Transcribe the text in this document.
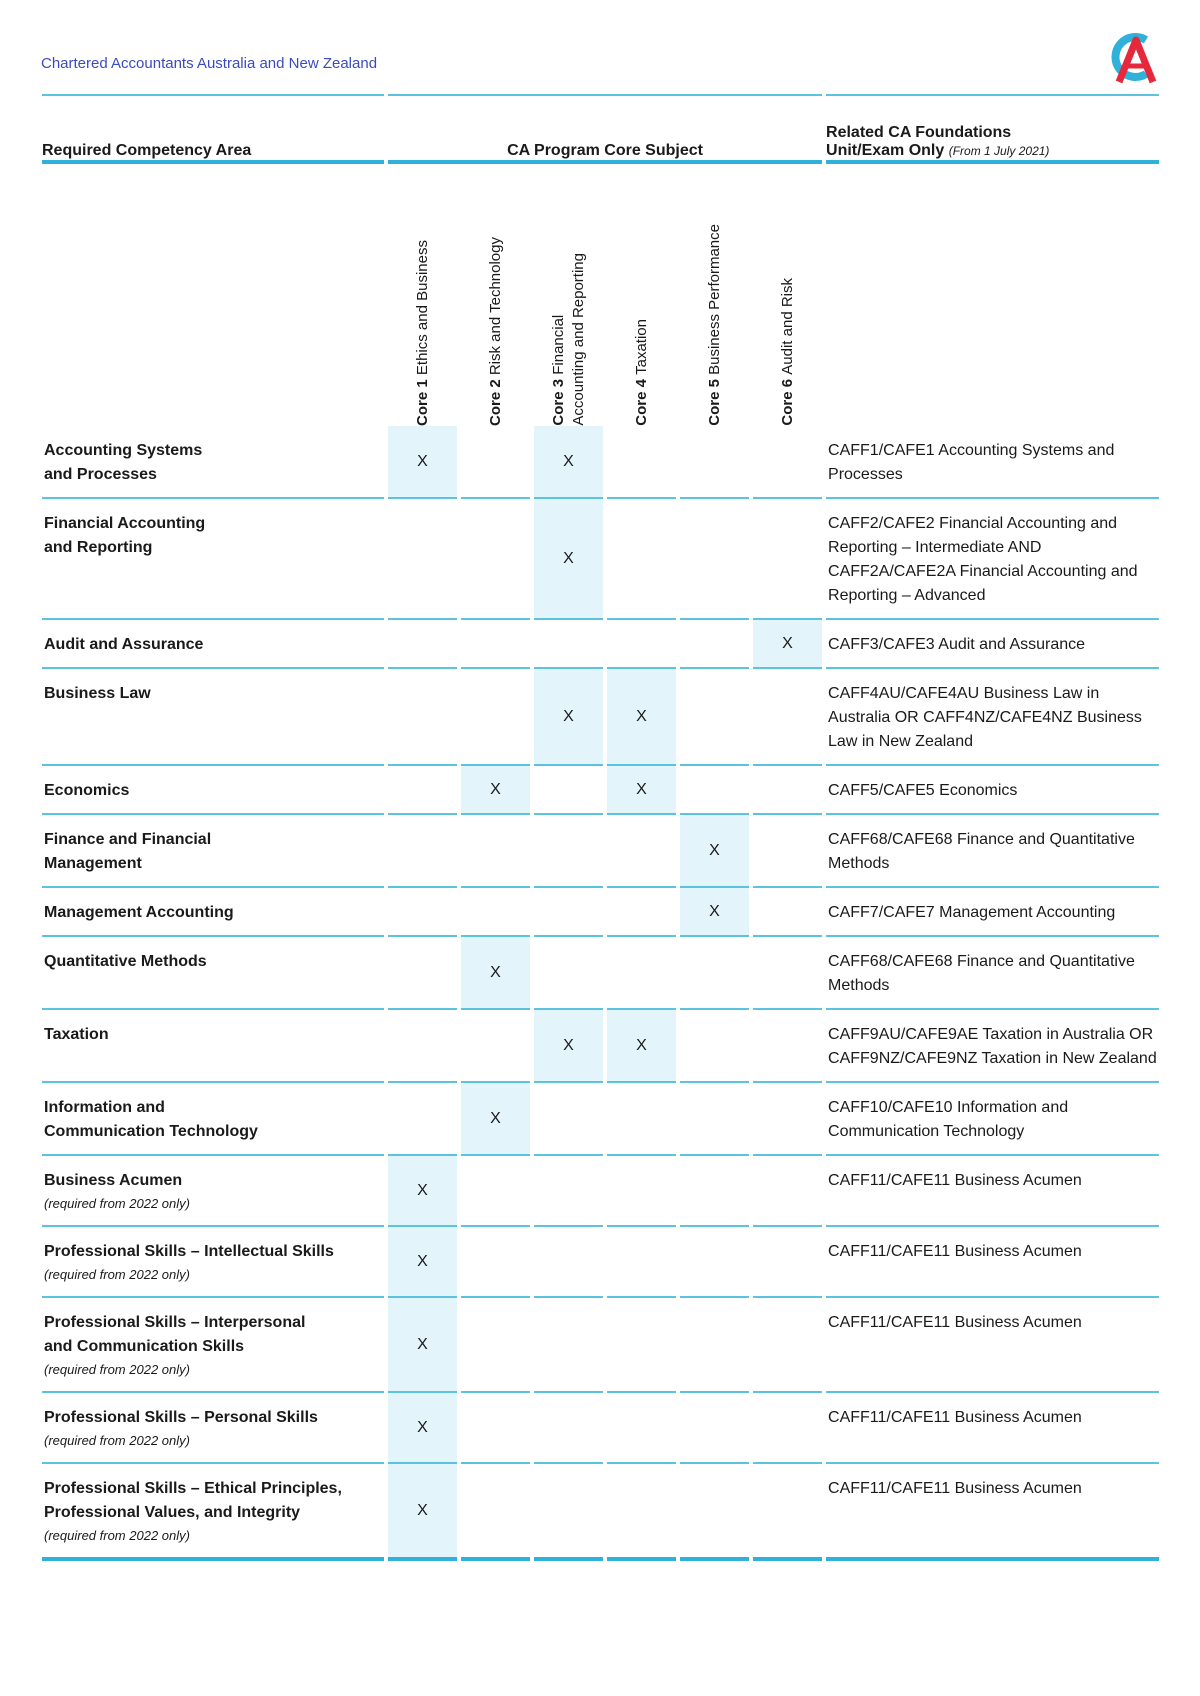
Chartered Accountants Australia and New Zealand
Required Competency Area	CA Program Core Subject						Related CA Foundations
Unit/Exam Only (From 1 July 2021)

	Core 1 Ethics and Business	Core 2 Risk and Technology	Core 3 Financial
Accounting and Reporting	Core 4 Taxation	Core 5 Business Performance	Core 6 Audit and Risk	

Accounting Systems
and Processes	X		X				CAFF1/CAFE1 Accounting Systems and Processes
Financial Accounting
and Reporting			X				CAFF2/CAFE2 Financial Accounting and Reporting – Intermediate AND CAFF2A/CAFE2A Financial Accounting and Reporting – Advanced
Audit and Assurance						X	CAFF3/CAFE3 Audit and Assurance
Business Law			X	X			CAFF4AU/CAFE4AU Business Law in Australia OR CAFF4NZ/CAFE4NZ Business Law in New Zealand
Economics		X		X			CAFF5/CAFE5 Economics
Finance and Financial
Management					X		CAFF68/CAFE68 Finance and Quantitative Methods
Management Accounting					X		CAFF7/CAFE7 Management Accounting
Quantitative Methods		X					CAFF68/CAFE68 Finance and Quantitative Methods
Taxation			X	X			CAFF9AU/CAFE9AE Taxation in Australia OR CAFF9NZ/CAFE9NZ Taxation in New Zealand
Information and
Communication Technology		X					CAFF10/CAFE10 Information and Communication Technology
Business Acumen
(required from 2022 only)	X						CAFF11/CAFE11 Business Acumen
Professional Skills – Intellectual Skills
(required from 2022 only)	X						CAFF11/CAFE11 Business Acumen
Professional Skills – Interpersonal
and Communication Skills
(required from 2022 only)	X						CAFF11/CAFE11 Business Acumen
Professional Skills – Personal Skills
(required from 2022 only)	X						CAFF11/CAFE11 Business Acumen
Professional Skills – Ethical Principles,
Professional Values, and Integrity
(required from 2022 only)	X						CAFF11/CAFE11 Business Acumen
